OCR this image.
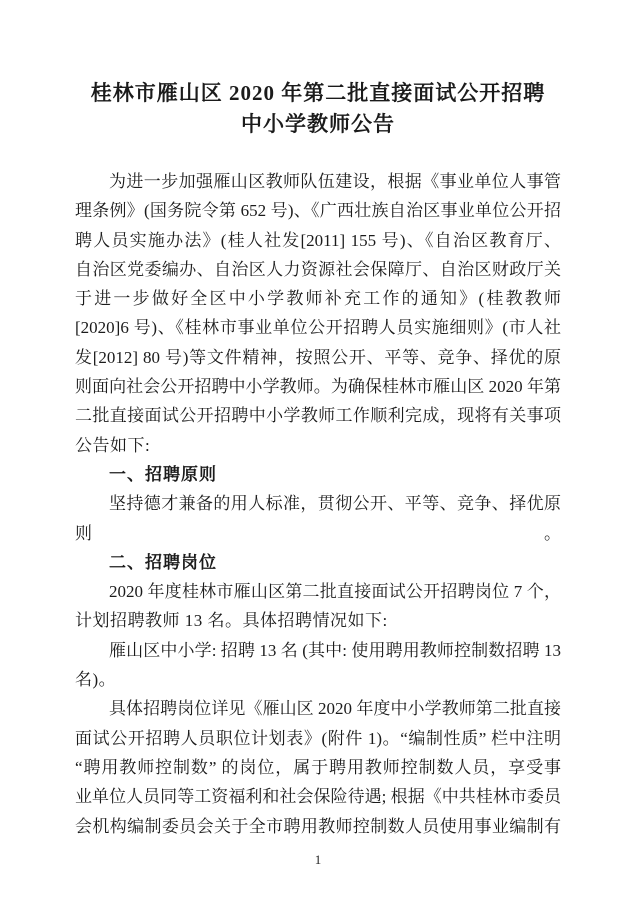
桂林市雁山区 2020 年第二批直接面试公开招聘
中小学教师公告
为进一步加强雁山区教师队伍建设，根据《事业单位人事管
理条例》(国务院令第 652 号)、《广西壮族自治区事业单位公开招
聘人员实施办法》(桂人社发[2011] 155 号)、《自治区教育厅、
自治区党委编办、自治区人力资源社会保障厅、自治区财政厅关
于进一步做好全区中小学教师补充工作的通知》(桂教教师
[2020]6 号)、《桂林市事业单位公开招聘人员实施细则》(市人社
发[2012] 80 号)等文件精神，按照公开、平等、竞争、择优的原
则面向社会公开招聘中小学教师。为确保桂林市雁山区 2020 年第
二批直接面试公开招聘中小学教师工作顺利完成，现将有关事项
公告如下:
一、招聘原则
坚持德才兼备的用人标准，贯彻公开、平等、竞争、择优原则。
二、招聘岗位
2020 年度桂林市雁山区第二批直接面试公开招聘岗位 7 个，
计划招聘教师 13 名。具体招聘情况如下:
雁山区中小学: 招聘 13 名 (其中: 使用聘用教师控制数招聘 13
名)。
具体招聘岗位详见《雁山区 2020 年度中小学教师第二批直接
面试公开招聘人员职位计划表》(附件 1)。“编制性质” 栏中注明
“聘用教师控制数” 的岗位，属于聘用教师控制数人员，享受事
业单位人员同等工资福利和社会保险待遇; 根据《中共桂林市委员
会机构编制委员会关于全市聘用教师控制数人员使用事业编制有
1
